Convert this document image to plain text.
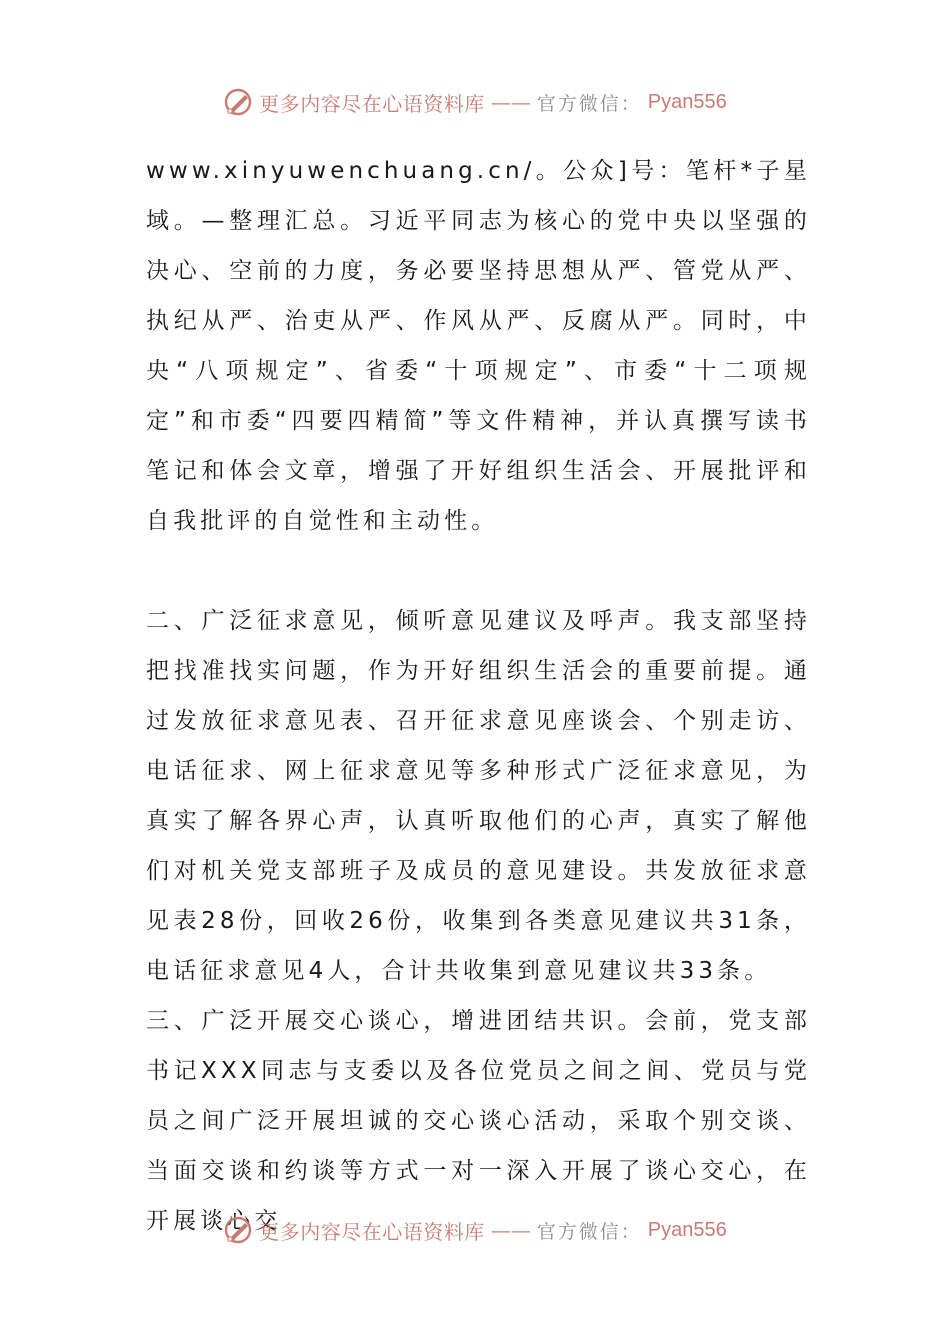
更多内容尽在心语资料库 —— 官方微信： Pyan556

www.xinyuwenchuang.cn/。公众]号：笔杆*子星域。—整理汇总。习近平同志为核心的党中央以坚强的决心、空前的力度，务必要坚持思想从严、管党从严、执纪从严、治吏从严、作风从严、反腐从严。同时，中央“八项规定”、省委“十项规定”、市委“十二项规定”和市委“四要四精简”等文件精神，并认真撰写读书笔记和体会文章，增强了开好组织生活会、开展批评和自我批评的自觉性和主动性。

二、广泛征求意见，倾听意见建议及呼声。我支部坚持把找准找实问题，作为开好组织生活会的重要前提。通过发放征求意见表、召开征求意见座谈会、个别走访、电话征求、网上征求意见等多种形式广泛征求意见，为真实了解各界心声，认真听取他们的心声，真实了解他们对机关党支部班子及成员的意见建设。共发放征求意见表28份，回收26份，收集到各类意见建议共31条，电话征求意见4人，合计共收集到意见建议共33条。

三、广泛开展交心谈心，增进团结共识。会前，党支部书记XXX同志与支委以及各位党员之间之间、党员与党员之间广泛开展坦诚的交心谈心活动，采取个别交谈、当面交谈和约谈等方式一对一深入开展了谈心交心，在开展谈心交

更多内容尽在心语资料库 —— 官方微信： Pyan556
